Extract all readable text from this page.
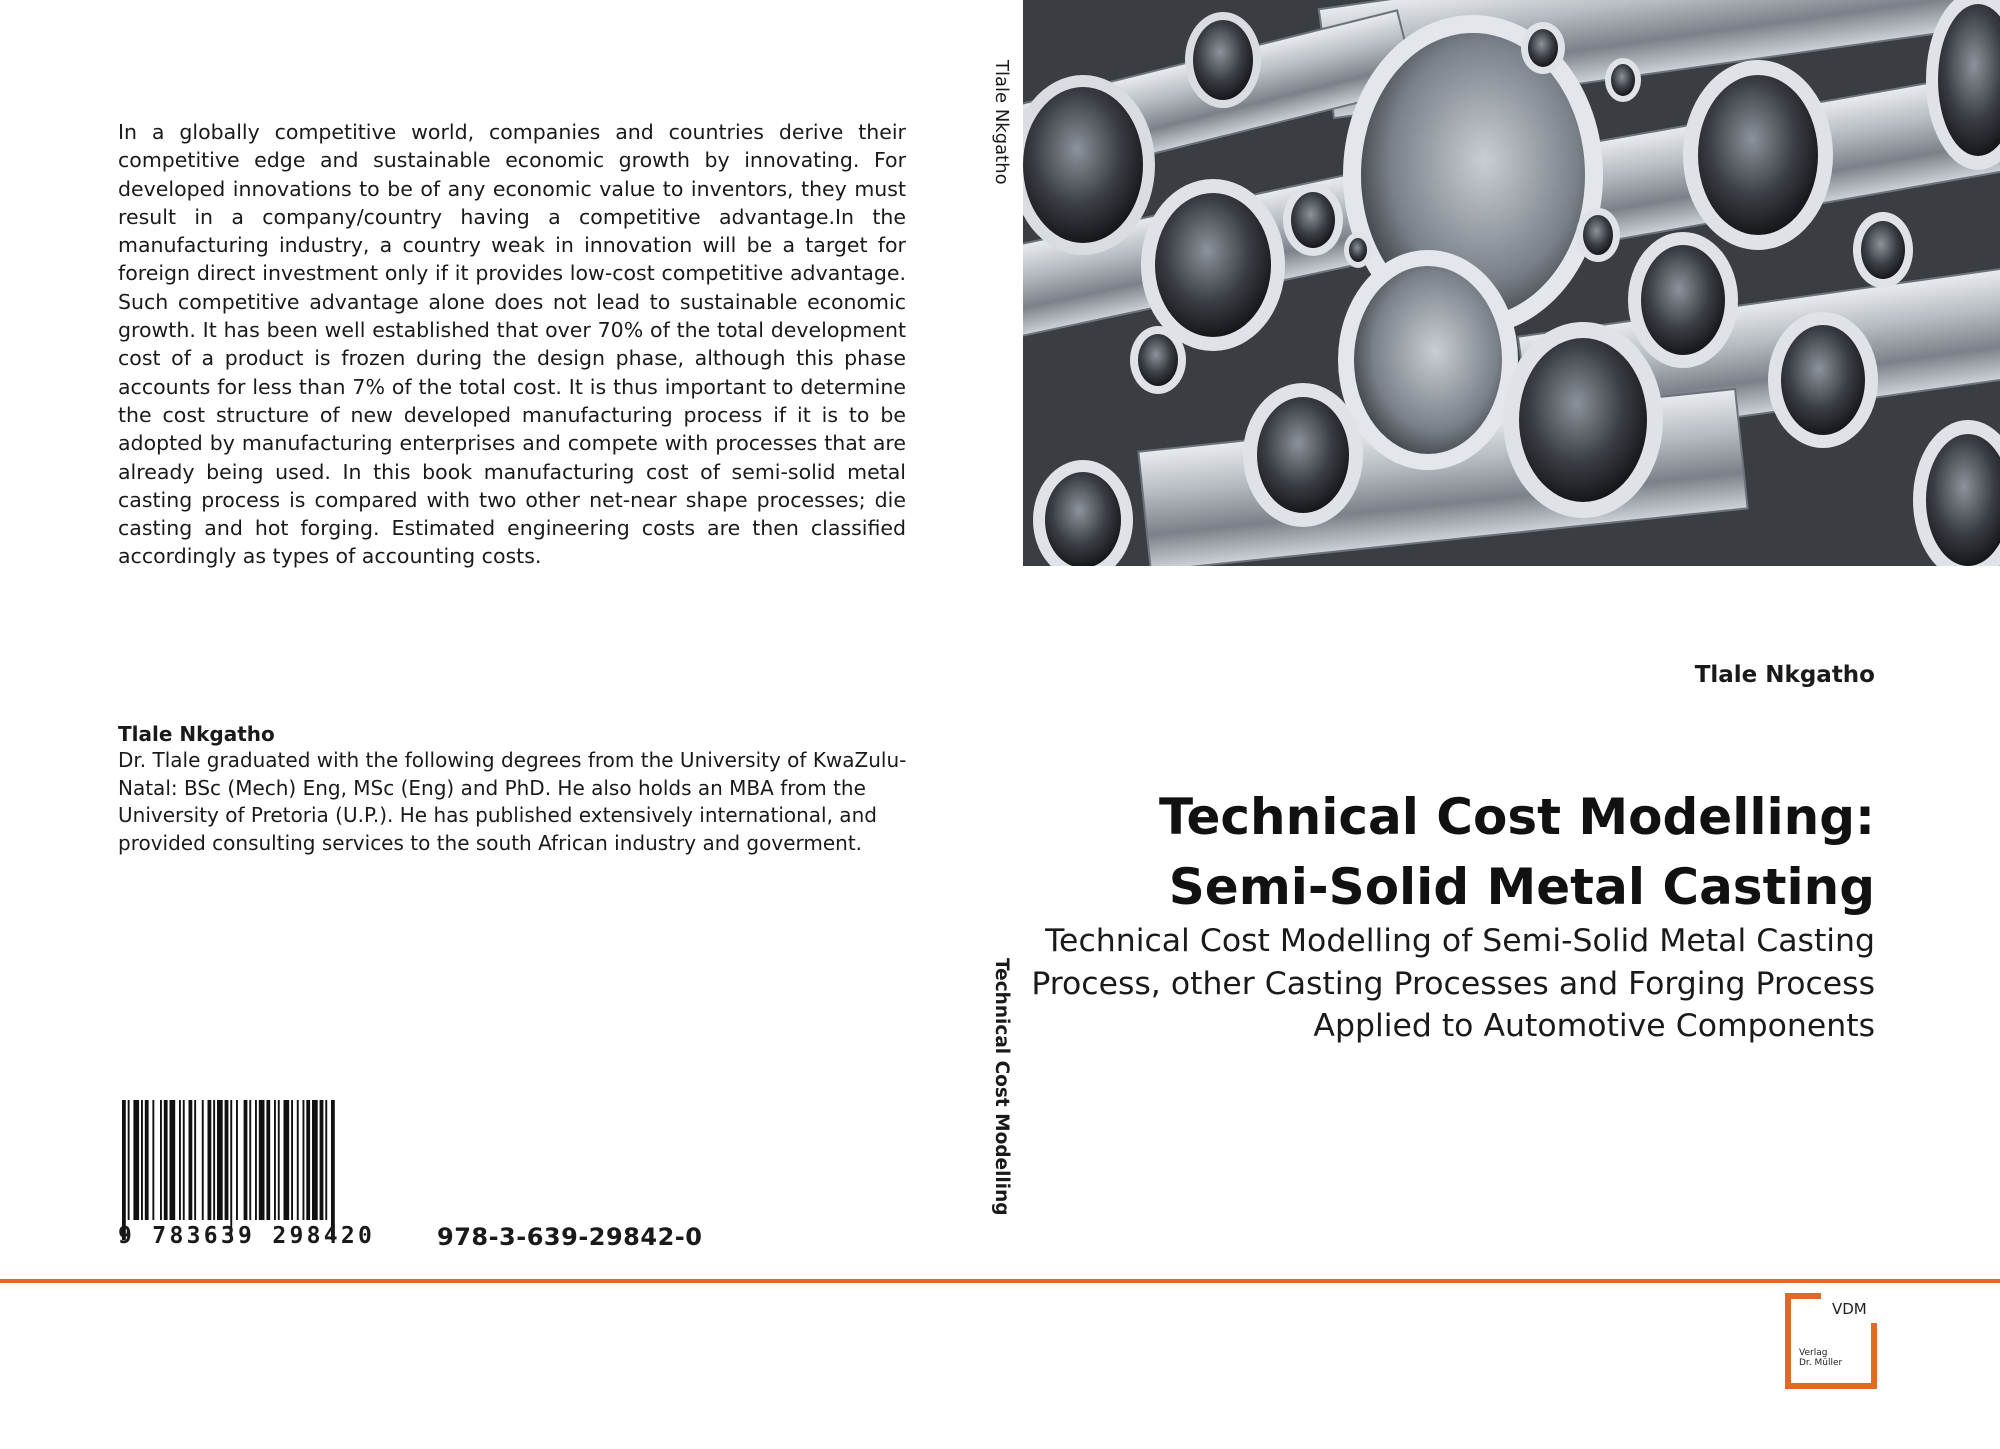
In a globally competitive world, companies and countries derive their competitive edge and sustainable economic growth by innovating. For developed innovations to be of any economic value to inventors, they must result in a company/country having a competitive advantage.In the manufacturing industry, a country weak in innovation will be a target for foreign direct investment only if it provides low-cost competitive advantage. Such competitive advantage alone does not lead to sustainable economic growth. It has been well established that over 70% of the total development cost of a product is frozen during the design phase, although this phase accounts for less than 7% of the total cost. It is thus important to determine the cost structure of new developed manufacturing process if it is to be adopted by manufacturing enterprises and compete with processes that are already being used. In this book manufacturing cost of semi-solid metal casting process is compared with two other net-near shape processes; die casting and hot forging. Estimated engineering costs are then classified accordingly as types of accounting costs.

Tlale Nkgatho

Dr. Tlale graduated with the following degrees from the University of KwaZulu-Natal: BSc (Mech) Eng, MSc (Eng) and PhD. He also holds an MBA from the University of Pretoria (U.P.). He has published extensively international, and provided consulting services to the south African industry and goverment.

9 783639 298420	978-3-639-29842-0
Tlale Nkgatho
Technical Cost Modelling
Tlale Nkgatho
Technical Cost Modelling:
Semi-Solid Metal Casting

Technical Cost Modelling of Semi-Solid Metal Casting Process, other Casting Processes and Forging Process Applied to Automotive Components

VDM
Verlag
Dr. Müller
